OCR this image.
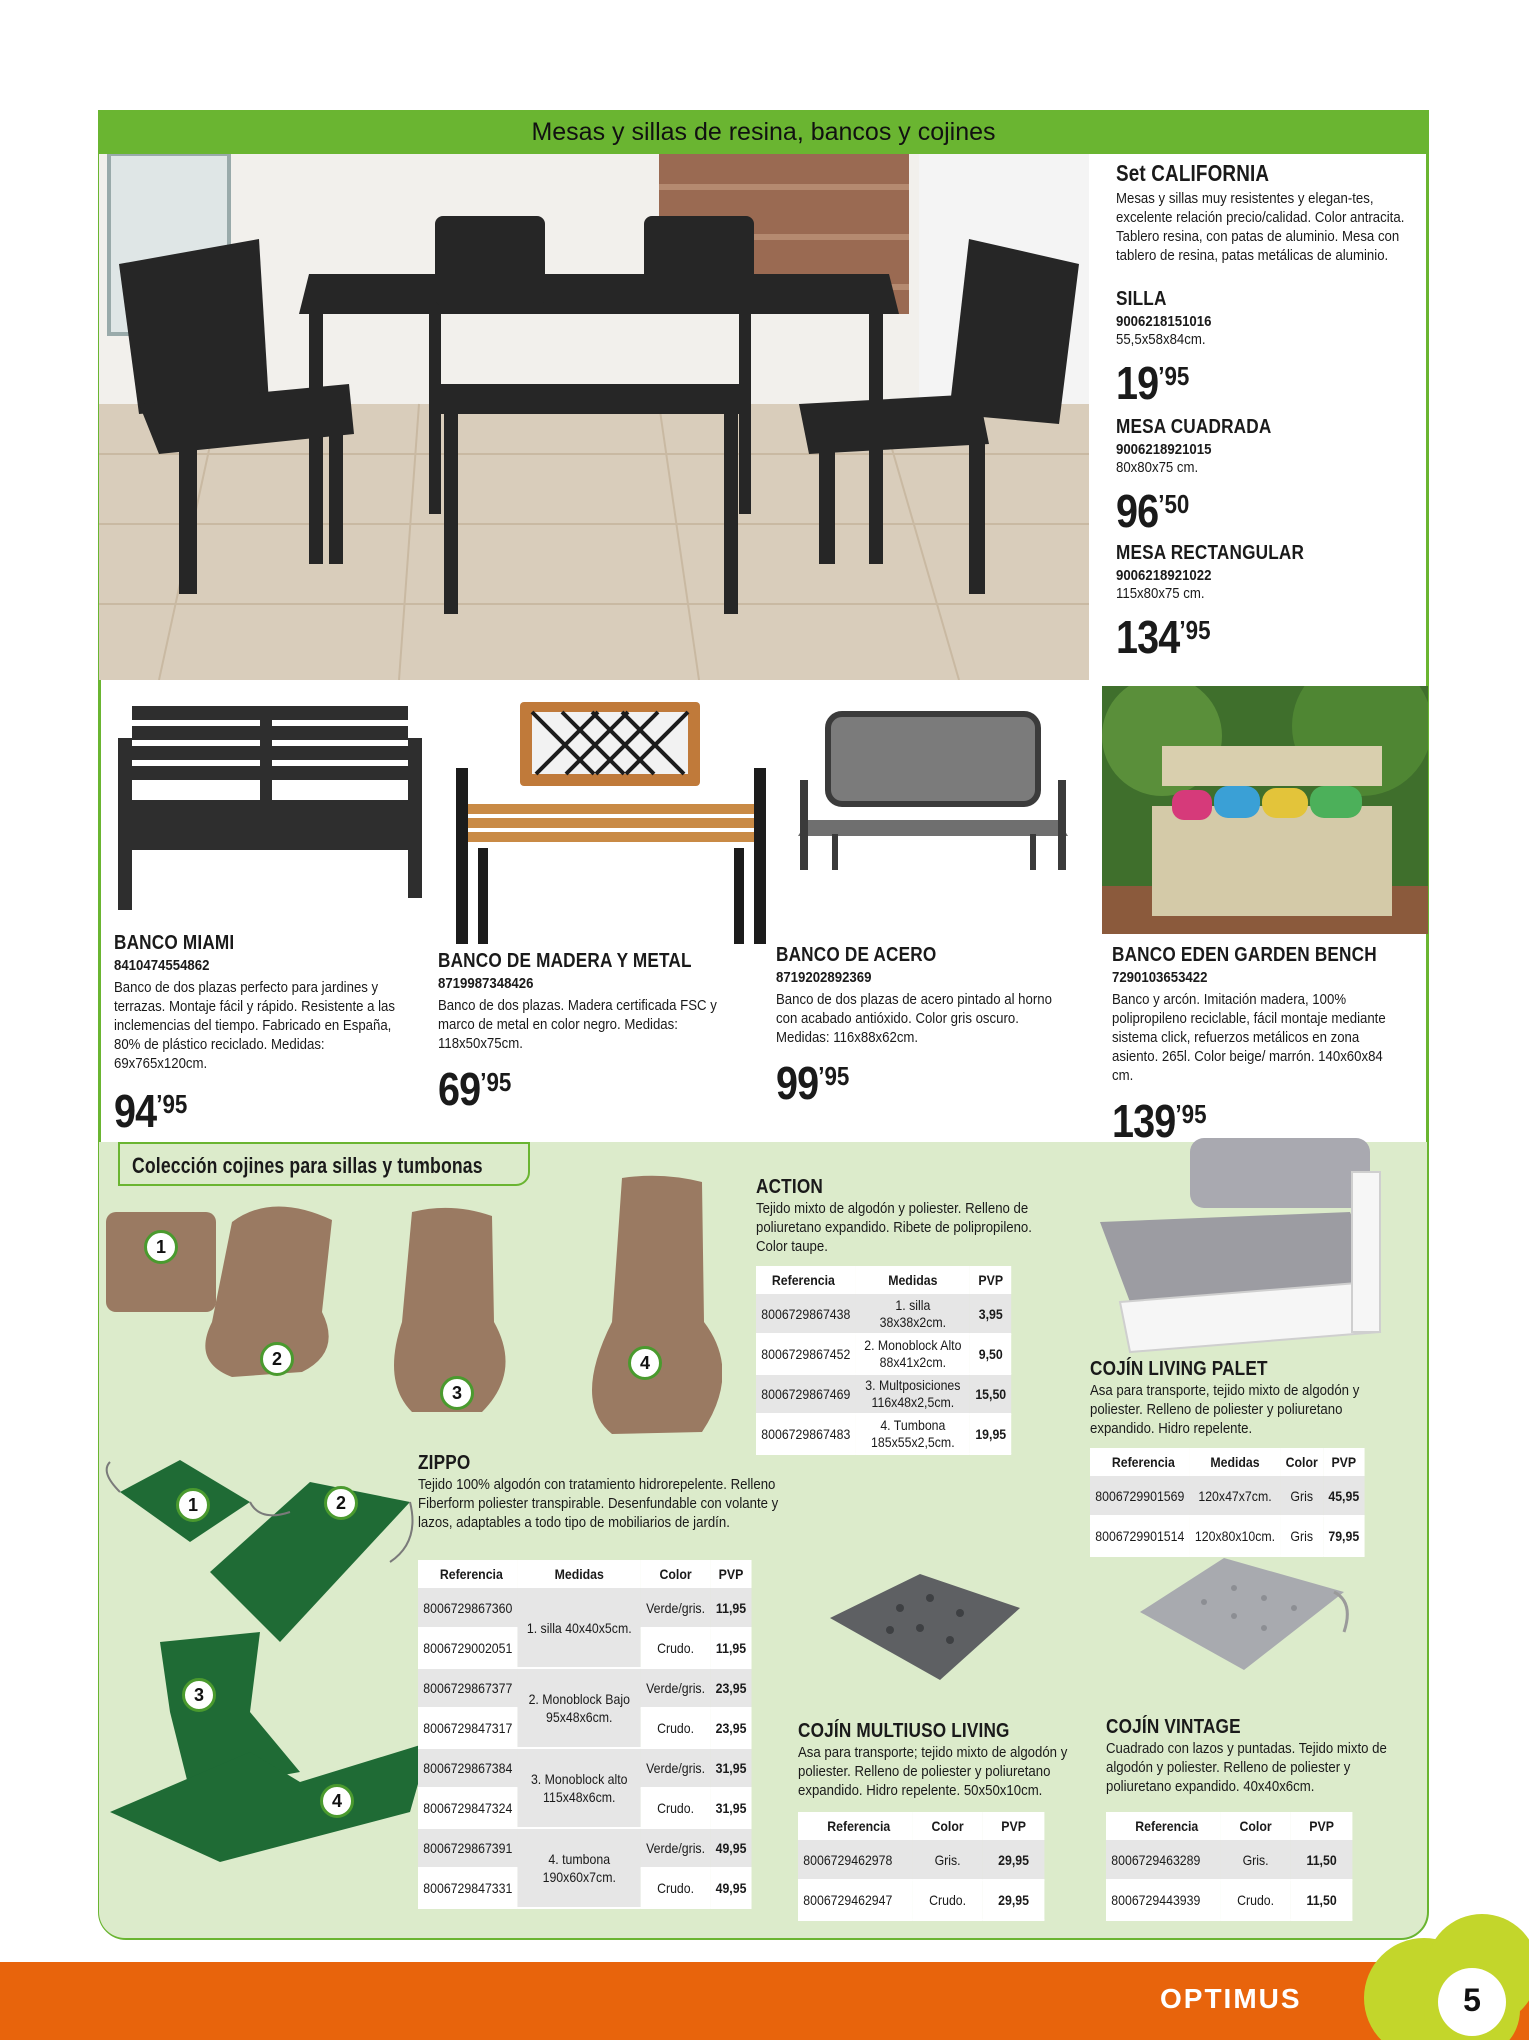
Mesas y sillas de resina, bancos y cojines
Set CALIFORNIA
Mesas y sillas muy resistentes y elegan-tes, excelente relación precio/calidad. Color antracita. Tablero resina, con patas de aluminio. Mesa con tablero de resina, patas metálicas de aluminio.
SILLA
9006218151016
55,5x58x84cm.
$19^{’95}$
MESA CUADRADA
9006218921015
80x80x75 cm.
$96^{’50}$
MESA RECTANGULAR
9006218921022
115x80x75 cm.
$134^{’95}$
BANCO MIAMI
8410474554862
Banco de dos plazas perfecto para jardines y terrazas. Montaje fácil y rápido. Resistente a las inclemencias del tiempo. Fabricado en España, 80% de plástico reciclado. Medidas: 69x765x120cm.
$94^{’95}$
BANCO DE MADERA Y METAL
8719987348426
Banco de dos plazas. Madera certificada FSC y marco de metal en color negro. Medidas: 118x50x75cm.
$69^{’95}$
BANCO DE ACERO
8719202892369
Banco de dos plazas de acero pintado al horno con acabado antióxido. Color gris oscuro. Medidas: 116x88x62cm.
$99^{’95}$
BANCO EDEN GARDEN BENCH
7290103653422
Banco y arcón. Imitación madera, 100% polipropileno reciclable, fácil montaje mediante sistema click, refuerzos metálicos en zona asiento. 265l. Color beige/ marrón. 140x60x84 cm.
$139^{’95}$
Colección cojines para sillas y tumbonas
1
2
3
4
ACTION
Tejido mixto de algodón y poliester. Relleno de poliuretano expandido. Ribete de polipropileno. Color taupe.
Referencia	Medidas	PVP
8006729867438	1. silla 38x38x2cm.	3,95
8006729867452	2. Monoblock Alto 88x41x2cm.	9,50
8006729867469	3. Multposiciones 116x48x2,5cm.	15,50
8006729867483	4. Tumbona 185x55x2,5cm.	19,95
COJÍN LIVING PALET
Asa para transporte, tejido mixto de algodón y poliester. Relleno de poliester y poliuretano expandido. Hidro repelente.
Referencia	Medidas	Color	PVP
8006729901569	120x47x7cm.	Gris	45,95
8006729901514	120x80x10cm.	Gris	79,95
1	2
3
4
ZIPPO
Tejido 100% algodón con tratamiento hidrorepelente. Relleno Fiberform poliester transpirable. Desenfundable con volante y lazos, adaptables a todo tipo de mobiliarios de jardín.
Referencia	Medidas	Color	PVP
8006729867360	1. silla 40x40x5cm.	Verde/gris.	11,95
8006729002051		Crudo.	11,95
8006729867377	2. Monoblock Bajo 95x48x6cm.	Verde/gris.	23,95
8006729847317		Crudo.	23,95
8006729867384	3. Monoblock alto 115x48x6cm.	Verde/gris.	31,95
8006729847324		Crudo.	31,95
8006729867391	4. tumbona 190x60x7cm.	Verde/gris.	49,95
8006729847331		Crudo.	49,95
COJÍN MULTIUSO LIVING
Asa para transporte; tejido mixto de algodón y poliester. Relleno de poliester y poliuretano expandido. Hidro repelente. 50x50x10cm.
Referencia	Color	PVP
8006729462978	Gris.	29,95
8006729462947	Crudo.	29,95
COJÍN VINTAGE
Cuadrado con lazos y puntadas. Tejido mixto de algodón y poliester. Relleno de poliester y poliuretano expandido. 40x40x6cm.
Referencia	Color	PVP
8006729463289	Gris.	11,50
8006729443939	Crudo.	11,50
5
OPTIMUS
